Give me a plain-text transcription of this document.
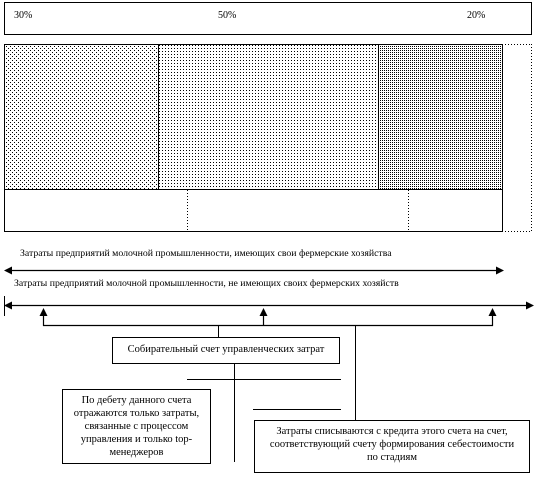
30%	50%	20%
Затраты предприятий молочной промышленности, имеющих свои фермерские хозяйства
Затраты предприятий молочной промышленности, не имеющих своих фермерских хозяйств
Собирательный счет управленческих затрат
По дебету данного счета отражаются только затраты, связанные с процессом управления и только top-менеджеров
Затраты списываются с кредита этого счета на счет, соответствующий счету формирования себестоимости по стадиям
